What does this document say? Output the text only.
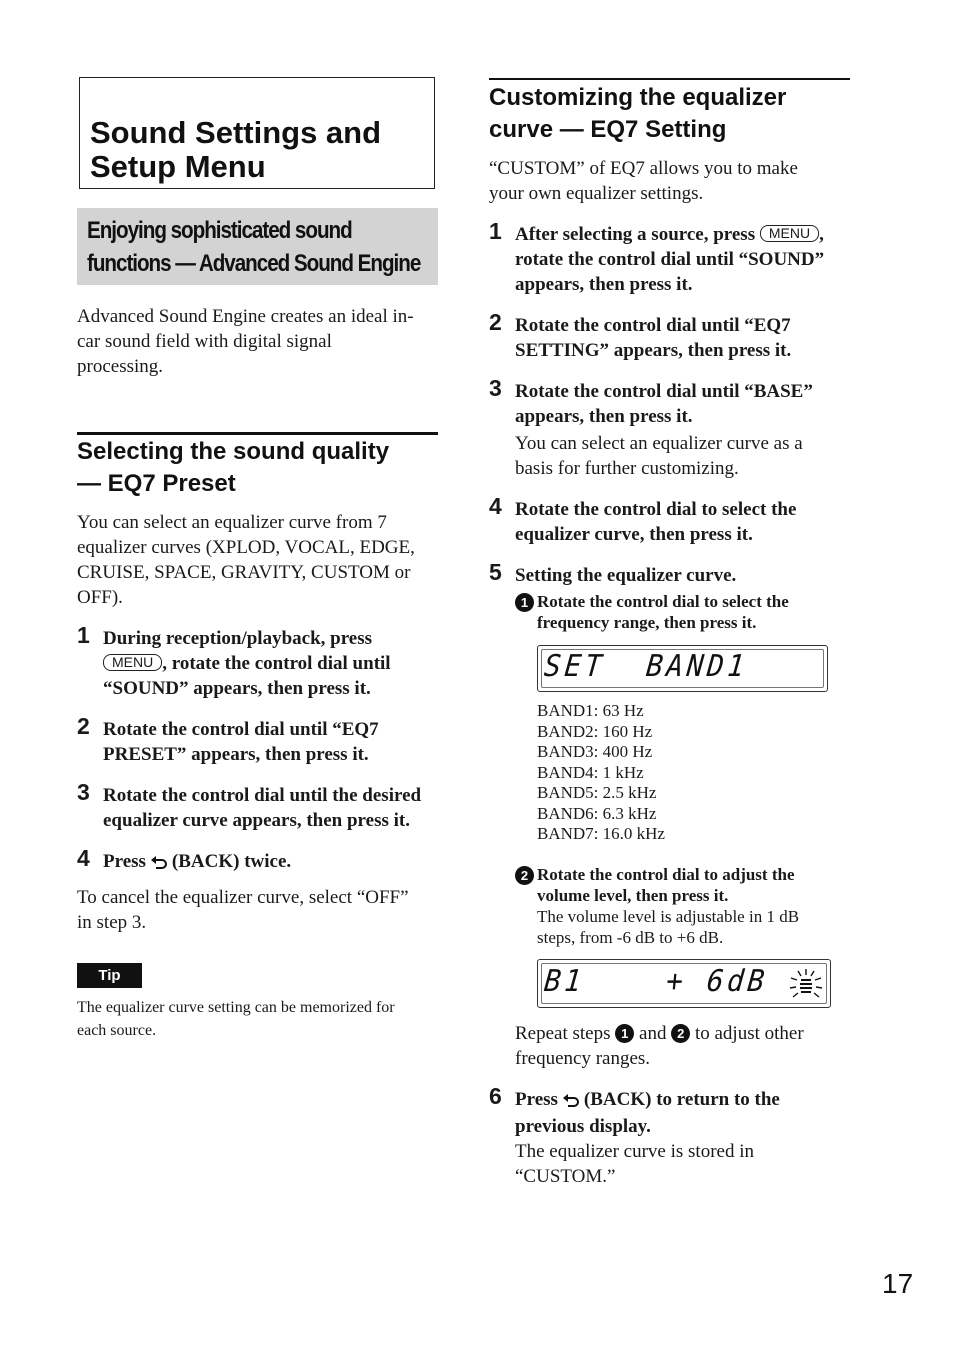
Sound Settings and Setup Menu
Enjoying sophisticated sound
functions — Advanced Sound Engine

Advanced Sound Engine creates an ideal in-
car sound field with digital signal
processing.

Selecting the sound quality
— EQ7 Preset

You can select an equalizer curve from 7
equalizer curves (XPLOD, VOCAL, EDGE,
CRUISE, SPACE, GRAVITY, CUSTOM or
OFF).

1 During reception/playback, press
MENU , rotate the control dial until
“SOUND” appears, then press it.
2 Rotate the control dial until “EQ7
PRESET” appears, then press it.
3 Rotate the control dial until the desired
equalizer curve appears, then press it.
4 Press (BACK) twice.

To cancel the equalizer curve, select “OFF”
in step 3.

Tip

The equalizer curve setting can be memorized for
each source.

Customizing the equalizer
curve — EQ7 Setting

“CUSTOM” of EQ7 allows you to make
your own equalizer settings.

1 After selecting a source, press MENU ,
rotate the control dial until “SOUND”
appears, then press it.
2 Rotate the control dial until “EQ7
SETTING” appears, then press it.
3 Rotate the control dial until “BASE”
appears, then press it.
You can select an equalizer curve as a
basis for further customizing.
4 Rotate the control dial to select the
equalizer curve, then press it.
5 Setting the equalizer curve.
1 Rotate the control dial to select the
frequency range, then press it.
SET BAND1
BAND1: 63 Hz
BAND2: 160 Hz
BAND3: 400 Hz
BAND4: 1 kHz
BAND5: 2.5 kHz
BAND6: 6.3 kHz
BAND7: 16.0 kHz
2 Rotate the control dial to adjust the
volume level, then press it.
The volume level is adjustable in 1 dB
steps, from -6 dB to +6 dB.
B1	+ 6dB

Repeat steps 1 and 2 to adjust other
frequency ranges.

6 Press (BACK) to return to the
previous display.
The equalizer curve is stored in
“CUSTOM.”
17
